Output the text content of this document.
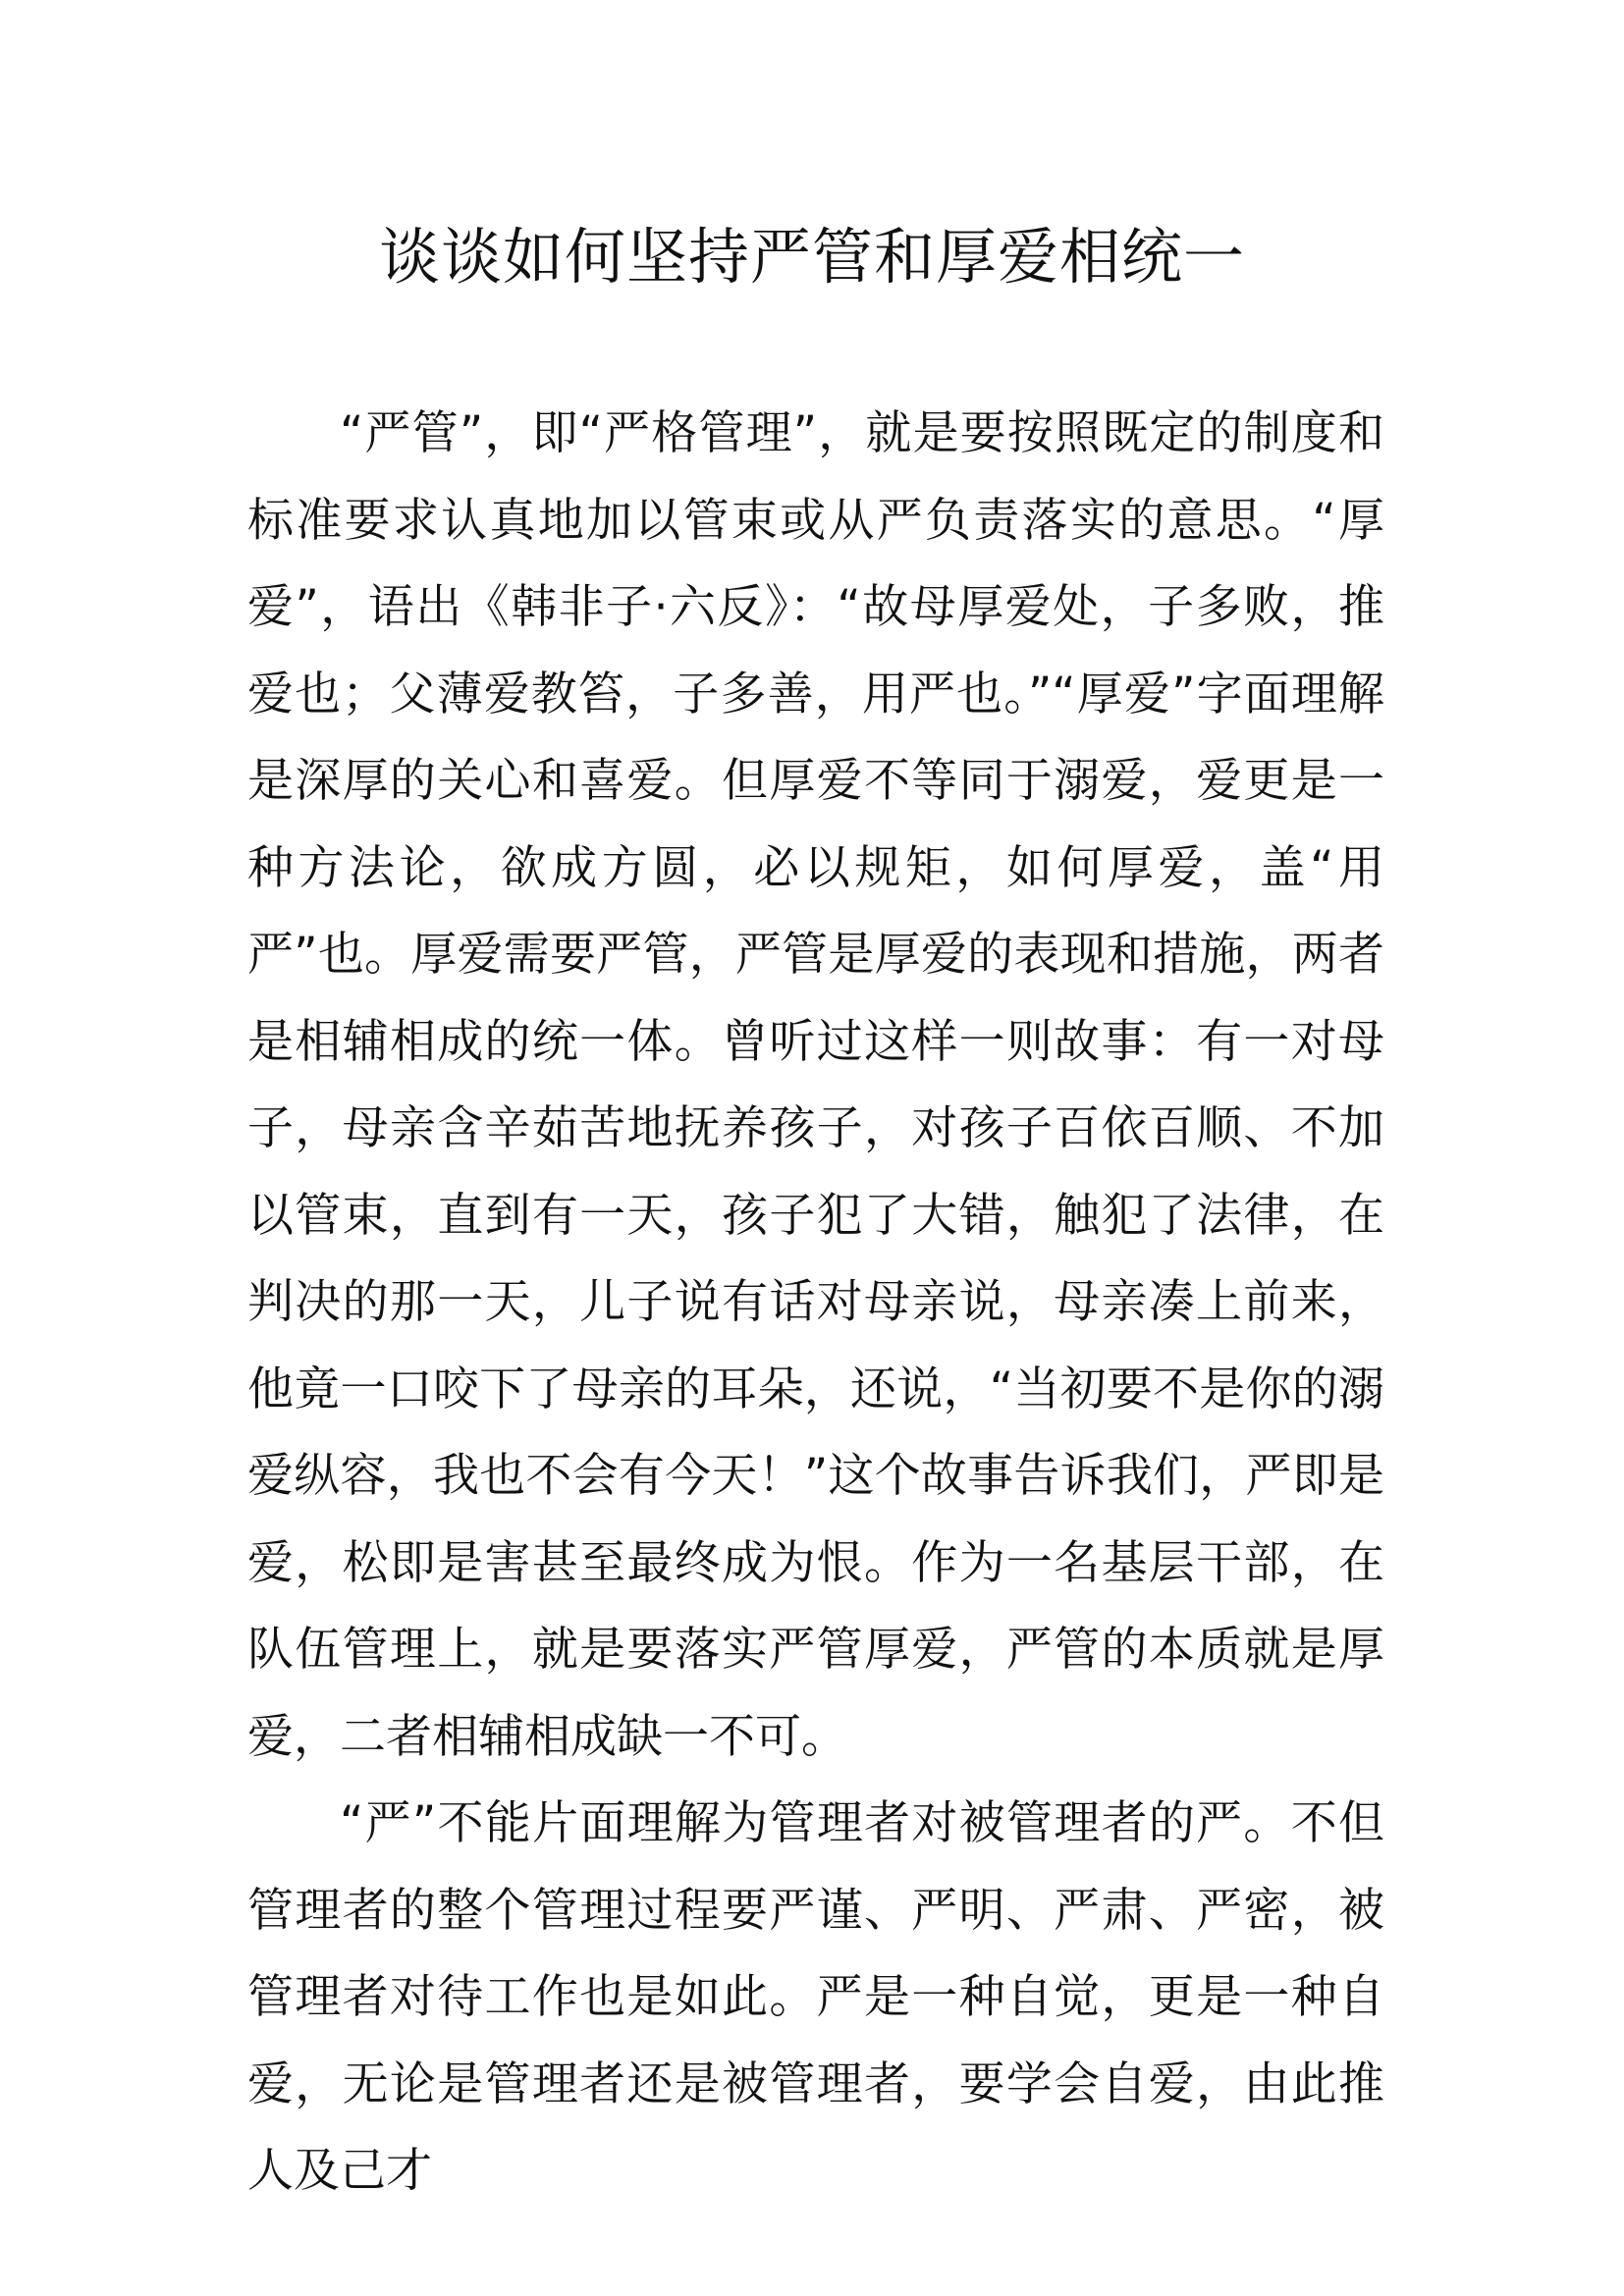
谈谈如何坚持严管和厚爱相统一

“严管”，即“严格管理”，就是要按照既定的制度和标准要求认真地加以管束或从严负责落实的意思。“厚爱”，语出《韩非子·六反》：“故母厚爱处，子多败，推爱也；父薄爱教笞，子多善，用严也。”“厚爱”字面理解是深厚的关心和喜爱。但厚爱不等同于溺爱，爱更是一种方法论，欲成方圆，必以规矩，如何厚爱，盖“用严”也。厚爱需要严管，严管是厚爱的表现和措施，两者是相辅相成的统一体。曾听过这样一则故事：有一对母子，母亲含辛茹苦地抚养孩子，对孩子百依百顺、不加以管束，直到有一天，孩子犯了大错，触犯了法律，在判决的那一天，儿子说有话对母亲说，母亲凑上前来，他竟一口咬下了母亲的耳朵，还说，“当初要不是你的溺爱纵容，我也不会有今天！”这个故事告诉我们，严即是爱，松即是害甚至最终成为恨。作为一名基层干部，在队伍管理上，就是要落实严管厚爱，严管的本质就是厚爱，二者相辅相成缺一不可。

“严”不能片面理解为管理者对被管理者的严。不但管理者的整个管理过程要严谨、严明、严肃、严密，被管理者对待工作也是如此。严是一种自觉，更是一种自爱，无论是管理者还是被管理者，要学会自爱，由此推人及己才
